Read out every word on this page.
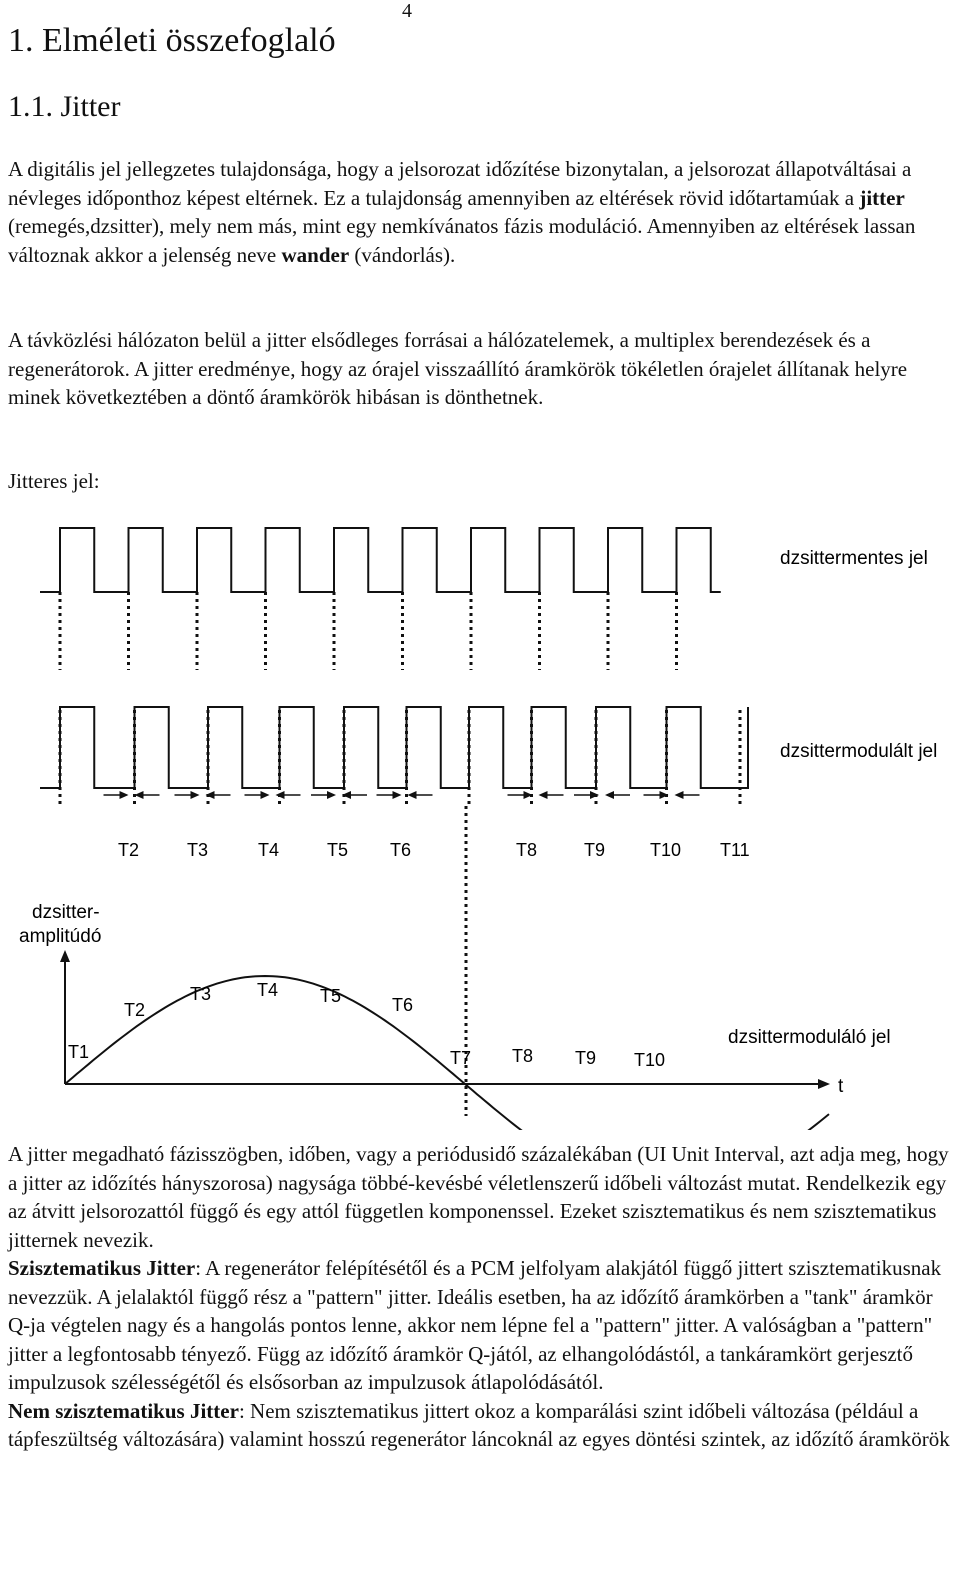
4
1. Elméleti összefoglaló
1.1. Jitter

A digitális jel jellegzetes tulajdonsága, hogy a jelsorozat időzítése bizonytalan, a jelsorozat állapotváltásai a névleges időponthoz képest eltérnek. Ez a tulajdonság amennyiben az eltérések rövid időtartamúak a jitter (remegés,dzsitter), mely nem más, mint egy nemkívánatos fázis moduláció. Amennyiben az eltérések lassan változnak akkor a jelenség neve wander (vándorlás).

A távközlési hálózaton belül a jitter elsődleges forrásai a hálózatelemek, a multiplex berendezések és a regenerátorok. A jitter eredménye, hogy az órajel visszaállító áramkörök tökéletlen órajelet állítanak helyre minek következtében a döntő áramkörök hibásan is dönthetnek.

Jitteres jel:

dzsittermentes jel
dzsittermodulált jel
T2	T3	T4	T5 T6	T8	T9 T10 T11
dzsitter-
amplitúdó
t
T1
T2
T3	T4 T5	T6
T7 T8 T9 T10
dzsittermoduláló jel

A jitter megadható fázisszögben, időben, vagy a periódusidő százalékában (UI Unit Interval, azt adja meg, hogy a jitter az időzítés hányszorosa) nagysága többé-kevésbé véletlenszerű időbeli változást mutat. Rendelkezik egy az átvitt jelsorozattól függő és egy attól független komponenssel. Ezeket szisztematikus és nem szisztematikus jitternek nevezik.
Szisztematikus Jitter: A regenerátor felépítésétől és a PCM jelfolyam alakjától függő jittert szisztematikusnak nevezzük. A jelalaktól függő rész a "pattern" jitter. Ideális esetben, ha az időzítő áramkörben a "tank" áramkör Q-ja végtelen nagy és a hangolás pontos lenne, akkor nem lépne fel a "pattern" jitter. A valóságban a "pattern" jitter a legfontosabb tényező. Függ az időzítő áramkör Q-jától, az elhangolódástól, a tankáramkört gerjesztő impulzusok szélességétől és elsősorban az impulzusok átlapolódásától.
Nem szisztematikus Jitter: Nem szisztematikus jittert okoz a komparálási szint időbeli változása (például a tápfeszültség változására) valamint hosszú regenerátor láncoknál az egyes döntési szintek, az időzítő áramkörök
